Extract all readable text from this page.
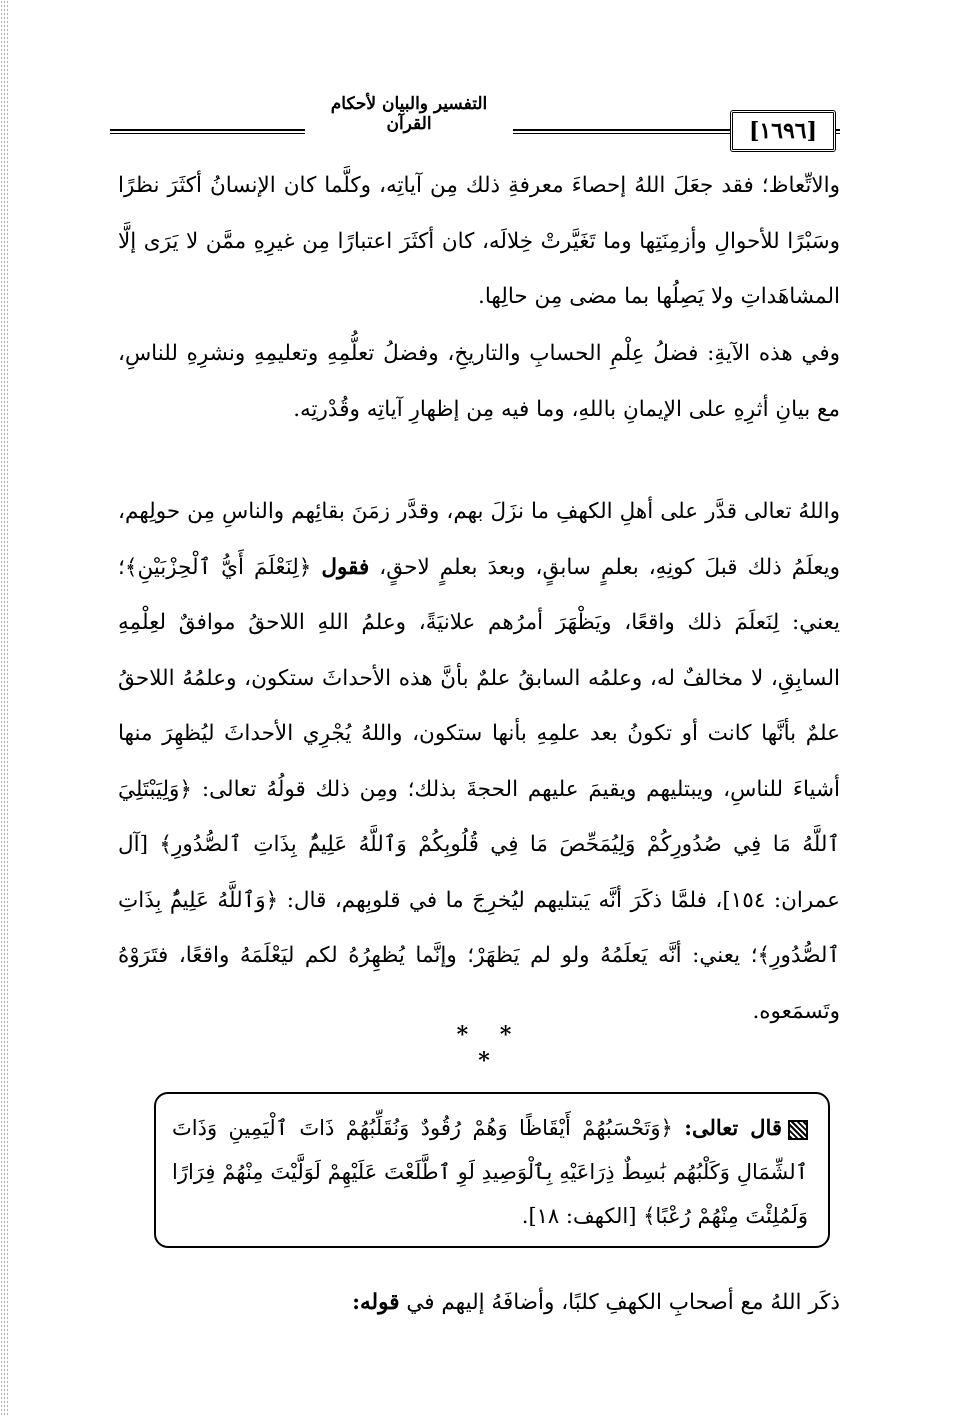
التفسير والبيان لأحكام القرآن	[١٦٩٦]

والاتِّعاظ؛ فقد جعَلَ اللهُ إحصاءَ معرفةِ ذلك مِن آياتِه، وكلَّما كان الإنسانُ أكثَرَ نظرًا وسَبْرًا للأحوالِ وأزمِنَتِها وما تَغَيَّرتْ خِلالَه، كان أكثَرَ اعتبارًا مِن غيرِهِ ممَّن لا يَرَى إلَّا المشاهَداتِ ولا يَصِلُها بما مضى مِن حالِها.

وفي هذه الآيةِ: فضلُ عِلْمِ الحسابِ والتاريخِ، وفضلُ تعلُّمِهِ وتعليمِهِ ونشرِهِ للناسِ، مع بيانِ أثرِهِ على الإيمانِ باللهِ، وما فيه مِن إظهارِ آياتِه وقُدْرتِه.

واللهُ تعالى قدَّر على أهلِ الكهفِ ما نزَلَ بهم، وقدَّر زمَنَ بقائِهم والناسِ مِن حولِهم، ويعلَمُ ذلك قبلَ كونِهِ، بعلمٍ سابقٍ، وبعدَ بعلمٍ لاحقٍ، فقول ﴿لِنَعْلَمَ أَيُّ ٱلْحِزْبَيْنِ﴾؛ يعني: لِنَعلَمَ ذلك واقعًا، ويَظْهَرَ أمرُهم علانيَةً، وعلمُ اللهِ اللاحقُ موافقٌ لعِلْمِهِ السابِقِ، لا مخالفٌ له، وعلمُه السابقُ علمٌ بأنَّ هذه الأحداثَ ستكون، وعلمُهُ اللاحقُ علمٌ بأنَّها كانت أو تكونُ بعد علمِهِ بأنها ستكون، واللهُ يُجْرِي الأحداثَ ليُظهِرَ منها أشياءَ للناسِ، ويبتليهم ويقيمَ عليهم الحجةَ بذلك؛ ومِن ذلك قولُهُ تعالى: ﴿وَلِيَبْتَلِيَ ٱللَّهُ مَا فِي صُدُورِكُمْ وَلِيُمَحِّصَ مَا فِي قُلُوبِكُمْ وَٱللَّهُ عَلِيمٌۢ بِذَاتِ ٱلصُّدُورِ﴾ [آل عمران: ١٥٤]، فلمَّا ذكَرَ أنَّه يَبتليهم ليُخرِجَ ما في قلوبِهم، قال: ﴿وَٱللَّهُ عَلِيمٌۢ بِذَاتِ ٱلصُّدُورِ﴾؛ يعني: أنَّه يَعلَمُهُ ولو لم يَظهَرْ؛ وإنَّما يُظهِرُهُ لكم ليَعْلَمَهُ واقعًا، فتَرَوْهُ وتَسمَعوه.

* * *

قال تعالى: ﴿وَتَحْسَبُهُمْ أَيْقَاظًا وَهُمْ رُقُودٌ وَنُقَلِّبُهُمْ ذَاتَ ٱلْيَمِينِ وَذَاتَ ٱلشِّمَالِ وَكَلْبُهُم بَٰسِطٌ ذِرَاعَيْهِ بِٱلْوَصِيدِ لَوِ ٱطَّلَعْتَ عَلَيْهِمْ لَوَلَّيْتَ مِنْهُمْ فِرَارًا وَلَمُلِئْتَ مِنْهُمْ رُعْبًا﴾ [الكهف: ١٨].

ذكَر اللهُ مع أصحابِ الكهفِ كلبًا، وأضافَهُ إليهم في قوله:
